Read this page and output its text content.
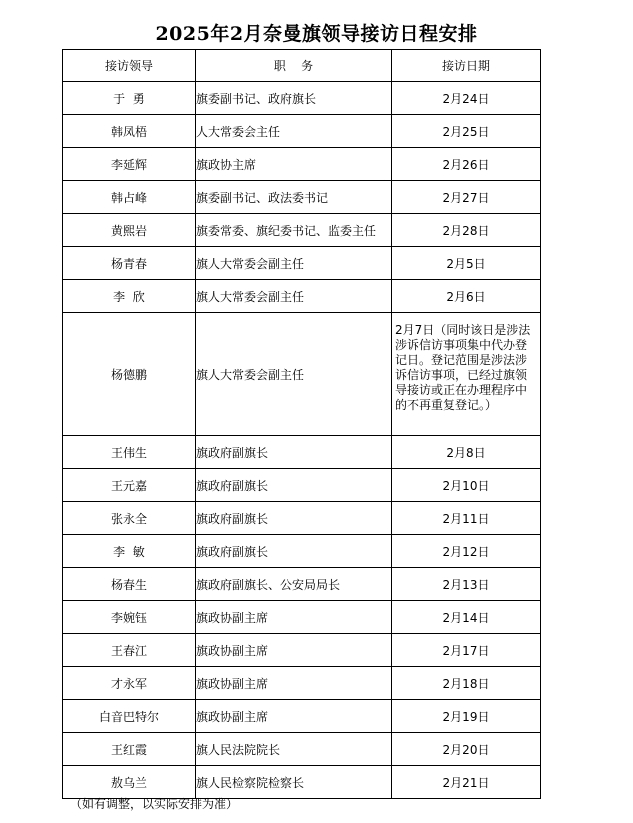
2025年2月奈曼旗领导接访日程安排
接访领导	职    务	接访日期
于  勇	旗委副书记、政府旗长	2月24日
韩凤梧	人大常委会主任	2月25日
李延辉	旗政协主席	2月26日
韩占峰	旗委副书记、政法委书记	2月27日
黄熙岩	旗委常委、旗纪委书记、监委主任	2月28日
杨青春	旗人大常委会副主任	2月5日
李  欣	旗人大常委会副主任	2月6日
杨德鹏	旗人大常委会副主任	2月7日（同时该日是涉法涉诉信访事项集中代办登记日。登记范围是涉法涉诉信访事项，已经过旗领导接访或正在办理程序中的不再重复登记。）
王伟生	旗政府副旗长	2月8日
王元嘉	旗政府副旗长	2月10日
张永全	旗政府副旗长	2月11日
李  敏	旗政府副旗长	2月12日
杨春生	旗政府副旗长、公安局局长	2月13日
李婉钰	旗政协副主席	2月14日
王春江	旗政协副主席	2月17日
才永军	旗政协副主席	2月18日
白音巴特尔	旗政协副主席	2月19日
王红霞	旗人民法院院长	2月20日
敖乌兰	旗人民检察院检察长	2月21日
（如有调整，以实际安排为准）
